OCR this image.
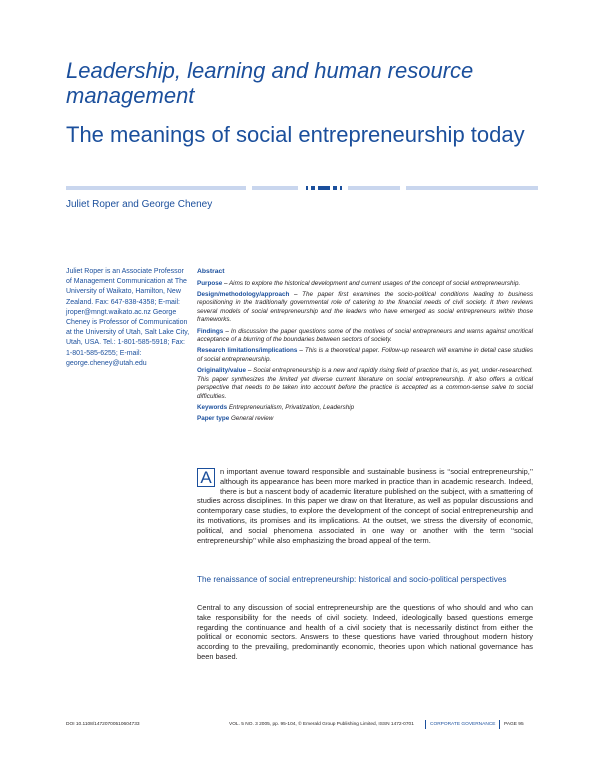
Leadership, learning and human resource management
The meanings of social entrepreneurship today
Juliet Roper and George Cheney
Juliet Roper is an Associate Professor of Management Communication at The University of Waikato, Hamilton, New Zealand. Fax: 647-838-4358; E-mail: jroper@mngt.waikato.ac.nz George Cheney is Professor of Communication at the University of Utah, Salt Lake City, Utah, USA. Tel.: 1-801-585-5918; Fax: 1-801-585-6255; E-mail: george.cheney@utah.edu
Abstract

Purpose – Aims to explore the historical development and current usages of the concept of social entrepreneurship.

Design/methodology/approach – The paper first examines the socio-political conditions leading to business repositioning in the traditionally governmental role of catering to the financial needs of civil society. It then reviews several models of social entrepreneurship and the leaders who have emerged as social entrepreneurs within those frameworks.

Findings – In discussion the paper questions some of the motives of social entrepreneurs and warns against uncritical acceptance of a blurring of the boundaries between sectors of society.

Research limitations/implications – This is a theoretical paper. Follow-up research will examine in detail case studies of social entrepreneurship.

Originality/value – Social entrepreneurship is a new and rapidly rising field of practice that is, as yet, under-researched. This paper synthesizes the limited yet diverse current literature on social entrepreneurship. It also offers a critical perspective that needs to be taken into account before the practice is accepted as a common-sense salve to social difficulties.

Keywords Entrepreneurialism, Privatization, Leadership

Paper type General review

A	n important avenue toward responsible and sustainable business is ‘‘social entrepreneurship,’’ although its appearance has been more marked in practice than in academic research. Indeed, there is but a nascent body of academic literature published on the subject, with a smattering of studies across disciplines. In this paper we draw on that literature, as well as popular discussions and contemporary case studies, to explore the development of the concept of social entrepreneurship and its motivations, its promises and its implications. At the outset, we stress the diversity of economic, political, and social phenomena associated in one way or another with the term ‘‘social entrepreneurship’’ while also emphasizing the broad appeal of the term.

The renaissance of social entrepreneurship: historical and socio-political perspectives
Central to any discussion of social entrepreneurship are the questions of who should and who can take responsibility for the needs of civil society. Indeed, ideologically based questions emerge regarding the continuance and health of a civil society that is necessarily distinct from either the political or economic sectors. Answers to these questions have varied throughout modern history according to the prevailing, predominantly economic, theories upon which national governance has been based.
DOI 10.1108/14720700510604733	VOL. 5 NO. 3 2005, pp. 95-104, © Emerald Group Publishing Limited, ISSN 1472-0701	CORPORATE GOVERNANCE PAGE 95
